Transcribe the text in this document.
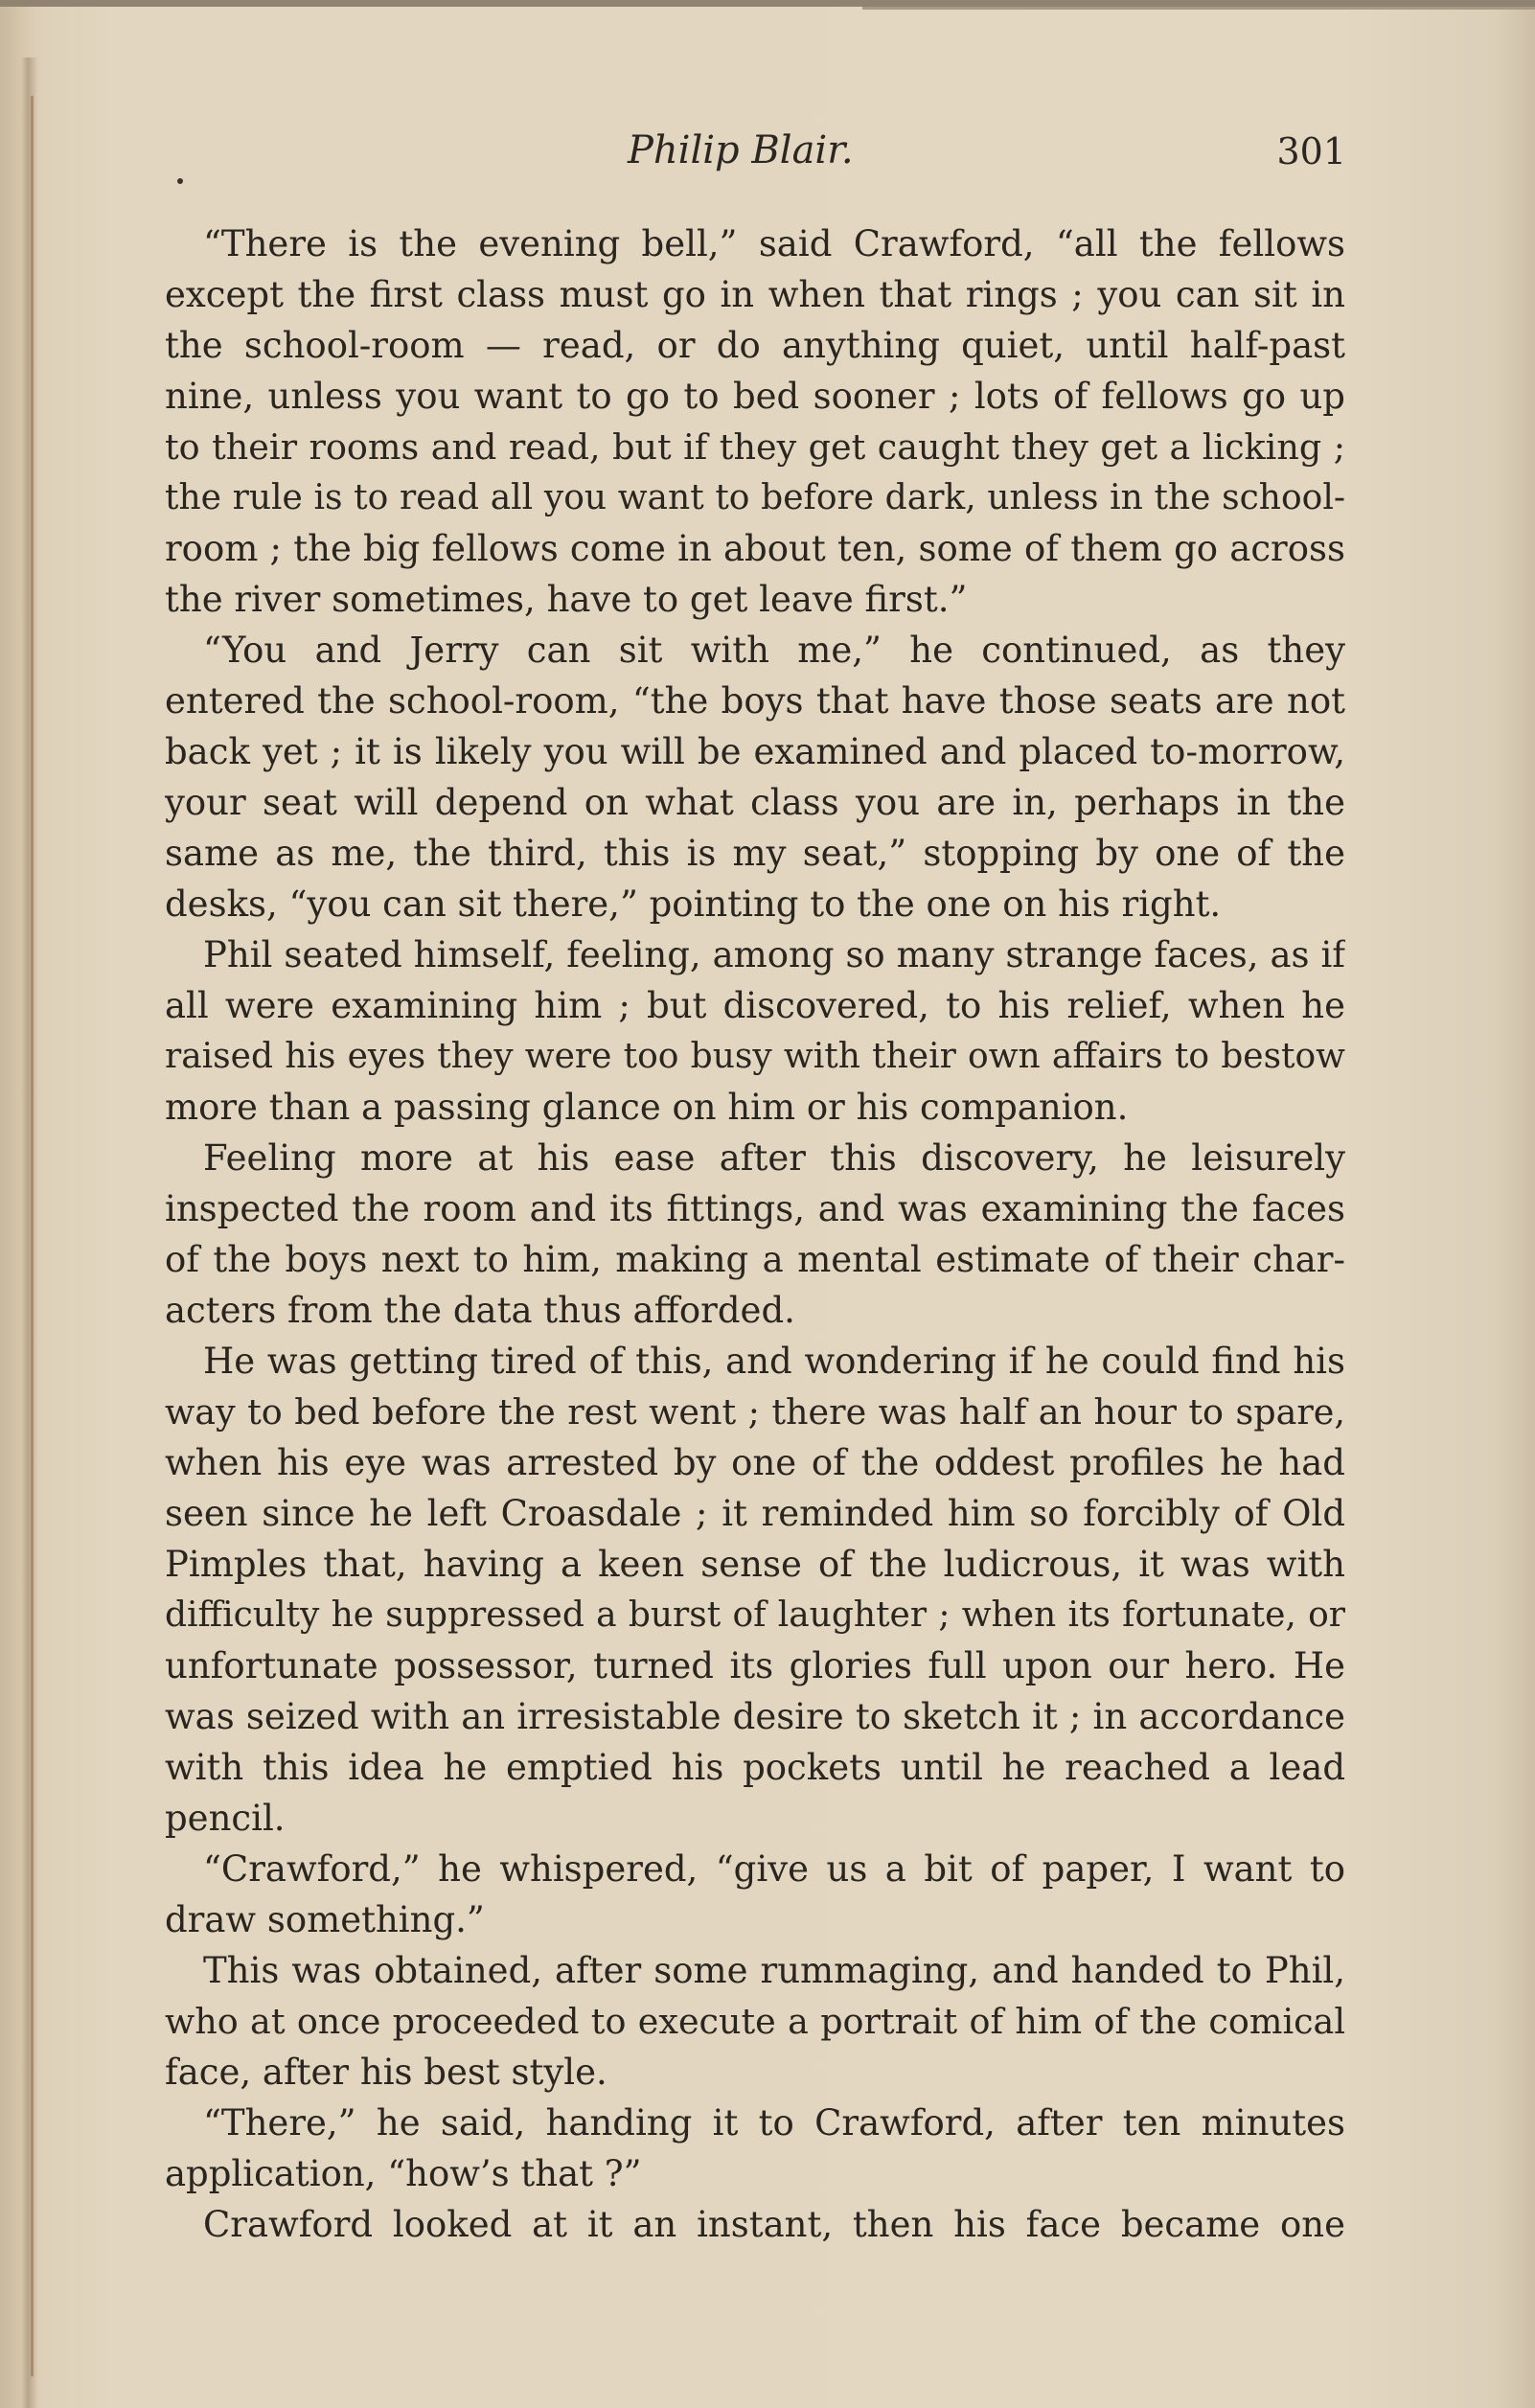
Philip Blair.	301
“There is the evening bell,” said Crawford, “all the fellows
except the first class must go in when that rings ; you can sit in
the school-room — read, or do anything quiet, until half-past
nine, unless you want to go to bed sooner ; lots of fellows go up
to their rooms and read, but if they get caught they get a licking ;
the rule is to read all you want to before dark, unless in the school-
room ; the big fellows come in about ten, some of them go across
the river sometimes, have to get leave first.”
“You and Jerry can sit with me,” he continued, as they
entered the school-room, “the boys that have those seats are not
back yet ; it is likely you will be examined and placed to-morrow,
your seat will depend on what class you are in, perhaps in the
same as me, the third, this is my seat,” stopping by one of the
desks, “you can sit there,” pointing to the one on his right.
Phil seated himself, feeling, among so many strange faces, as if
all were examining him ; but discovered, to his relief, when he
raised his eyes they were too busy with their own affairs to bestow
more than a passing glance on him or his companion.
Feeling more at his ease after this discovery, he leisurely
inspected the room and its fittings, and was examining the faces
of the boys next to him, making a mental estimate of their char-
acters from the data thus afforded.
He was getting tired of this, and wondering if he could find his
way to bed before the rest went ; there was half an hour to spare,
when his eye was arrested by one of the oddest profiles he had
seen since he left Croasdale ; it reminded him so forcibly of Old
Pimples that, having a keen sense of the ludicrous, it was with
difficulty he suppressed a burst of laughter ; when its fortunate, or
unfortunate possessor, turned its glories full upon our hero. He
was seized with an irresistable desire to sketch it ; in accordance
with this idea he emptied his pockets until he reached a lead
pencil.
“Crawford,” he whispered, “give us a bit of paper, I want to
draw something.”
This was obtained, after some rummaging, and handed to Phil,
who at once proceeded to execute a portrait of him of the comical
face, after his best style.
“There,” he said, handing it to Crawford, after ten minutes
application, “how’s that ?”
Crawford looked at it an instant, then his face became one
